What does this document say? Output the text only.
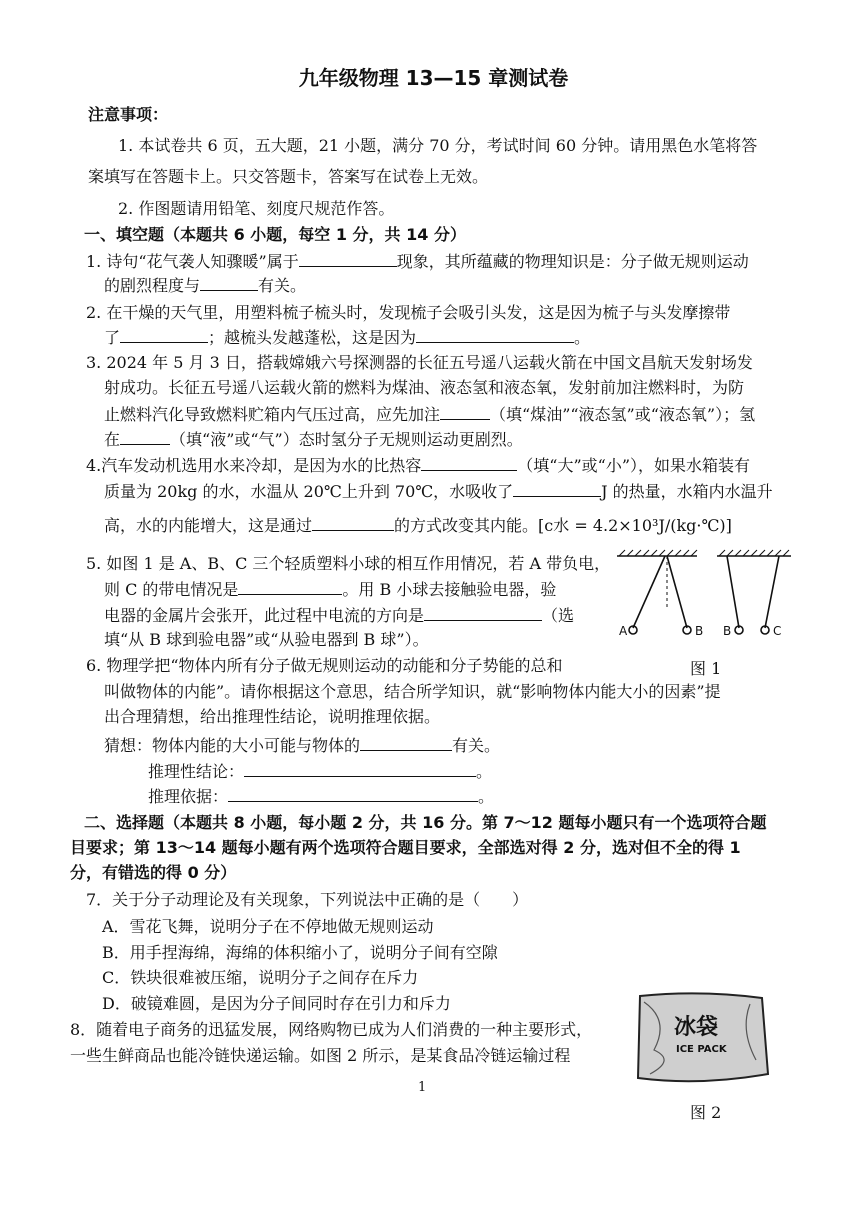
九年级物理 13—15 章测试卷
注意事项：
1. 本试卷共 6 页，五大题，21 小题，满分 70 分，考试时间 60 分钟。请用黑色水笔将答
案填写在答题卡上。只交答题卡，答案写在试卷上无效。
2. 作图题请用铅笔、刻度尺规范作答。
一、填空题（本题共 6 小题，每空 1 分，共 14 分）
1. 诗句“花气袭人知骤暖”属于	现象，其所蕴藏的物理知识是：分子做无规则运动
的剧烈程度与	有关。
2. 在干燥的天气里，用塑料梳子梳头时，发现梳子会吸引头发，这是因为梳子与头发摩擦带
了	；越梳头发越蓬松，这是因为	。
3. 2024 年 5 月 3 日，搭载嫦娥六号探测器的长征五号遥八运载火箭在中国文昌航天发射场发
射成功。长征五号遥八运载火箭的燃料为煤油、液态氢和液态氧，发射前加注燃料时，为防
止燃料汽化导致燃料贮箱内气压过高，应先加注	（填“煤油”“液态氢”或“液态氧”）；氢
在	（填“液”或“气”）态时氢分子无规则运动更剧烈。
4.汽车发动机选用水来冷却，是因为水的比热容	（填“大”或“小”），如果水箱装有
质量为 20kg 的水，水温从 20℃上升到 70℃，水吸收了	J 的热量，水箱内水温升
高，水的内能增大，这是通过	的方式改变其内能。[c水 = 4.2×10³J/(kg·℃)]
5. 如图 1 是 A、B、C 三个轻质塑料小球的相互作用情况，若 A 带负电，
则 C 的带电情况是	。用 B 小球去接触验电器，验
电器的金属片会张开，此过程中电流的方向是	（选
填“从 B 球到验电器”或“从验电器到 B 球”）。	A	B B	C
图 1
6. 物理学把“物体内所有分子做无规则运动的动能和分子势能的总和
叫做物体的内能”。请你根据这个意思，结合所学知识，就“影响物体内能大小的因素”提
出合理猜想，给出推理性结论，说明推理依据。
猜想：物体内能的大小可能与物体的	有关。
推理性结论：	。
推理依据：	。
二、选择题（本题共 8 小题，每小题 2 分，共 16 分。第 7～12 题每小题只有一个选项符合题
目要求；第 13～14 题每小题有两个选项符合题目要求，全部选对得 2 分，选对但不全的得 1
分，有错选的得 0 分）
7．关于分子动理论及有关现象，下列说法中正确的是（　　）
A．雪花飞舞，说明分子在不停地做无规则运动
B．用手捏海绵，海绵的体积缩小了，说明分子间有空隙
C．铁块很难被压缩，说明分子之间存在斥力
D．破镜难圆，是因为分子间同时存在引力和斥力
8．随着电子商务的迅猛发展，网络购物已成为人们消费的一种主要形式，
一些生鲜商品也能冷链快递运输。如图 2 所示，是某食品冷链运输过程
冰袋
ICE PACK
图 2
1
